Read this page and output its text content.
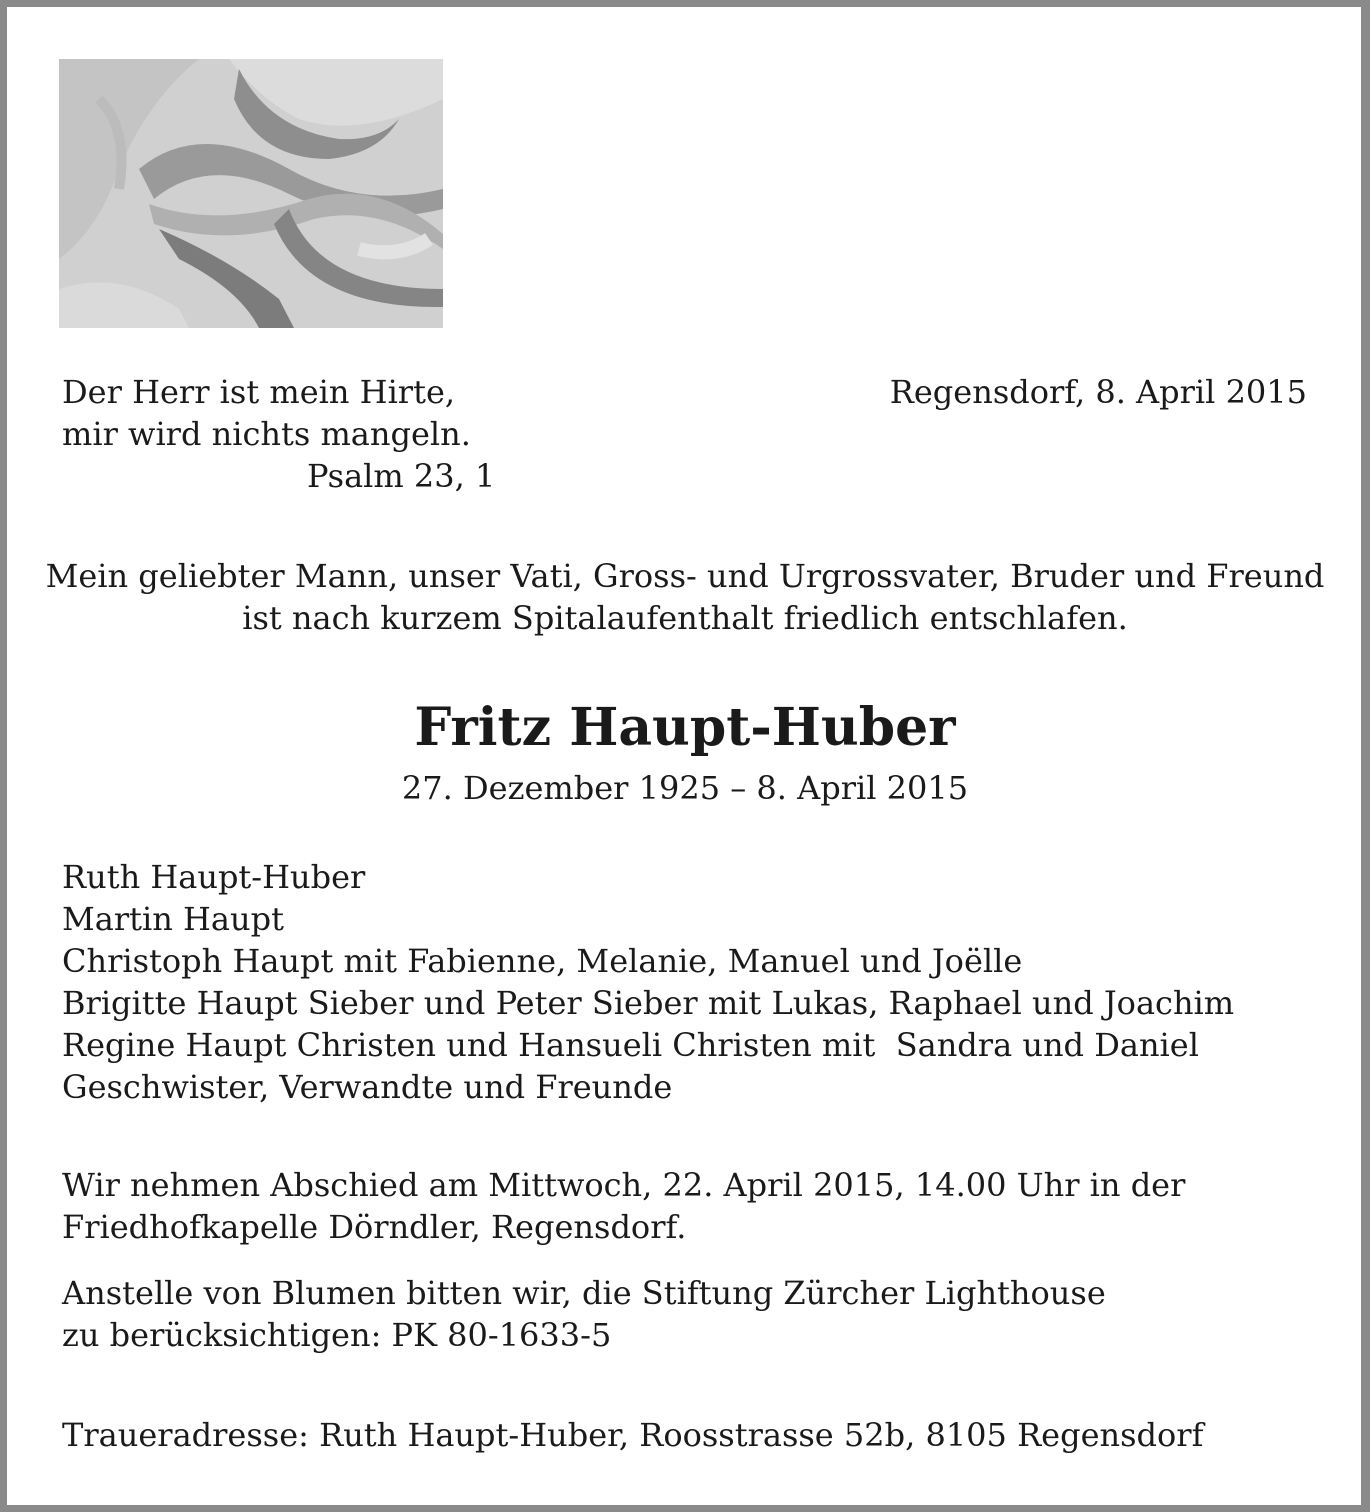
Der Herr ist mein Hirte,
mir wird nichts mangeln.
Psalm 23, 1
Regensdorf, 8. April 2015
Mein geliebter Mann, unser Vati, Gross- und Urgrossvater, Bruder und Freund
ist nach kurzem Spitalaufenthalt friedlich entschlafen.
Fritz Haupt-Huber
27. Dezember 1925 – 8. April 2015
Ruth Haupt-Huber
Martin Haupt
Christoph Haupt mit Fabienne, Melanie, Manuel und Joëlle
Brigitte Haupt Sieber und Peter Sieber mit Lukas, Raphael und Joachim
Regine Haupt Christen und Hansueli Christen mit  Sandra und Daniel
Geschwister, Verwandte und Freunde
Wir nehmen Abschied am Mittwoch, 22. April 2015, 14.00 Uhr in der
Friedhofkapelle Dörndler, Regensdorf.
Anstelle von Blumen bitten wir, die Stiftung Zürcher Lighthouse
zu berücksichtigen: PK 80-1633-5
Traueradresse: Ruth Haupt-Huber, Roosstrasse 52b, 8105 Regensdorf
